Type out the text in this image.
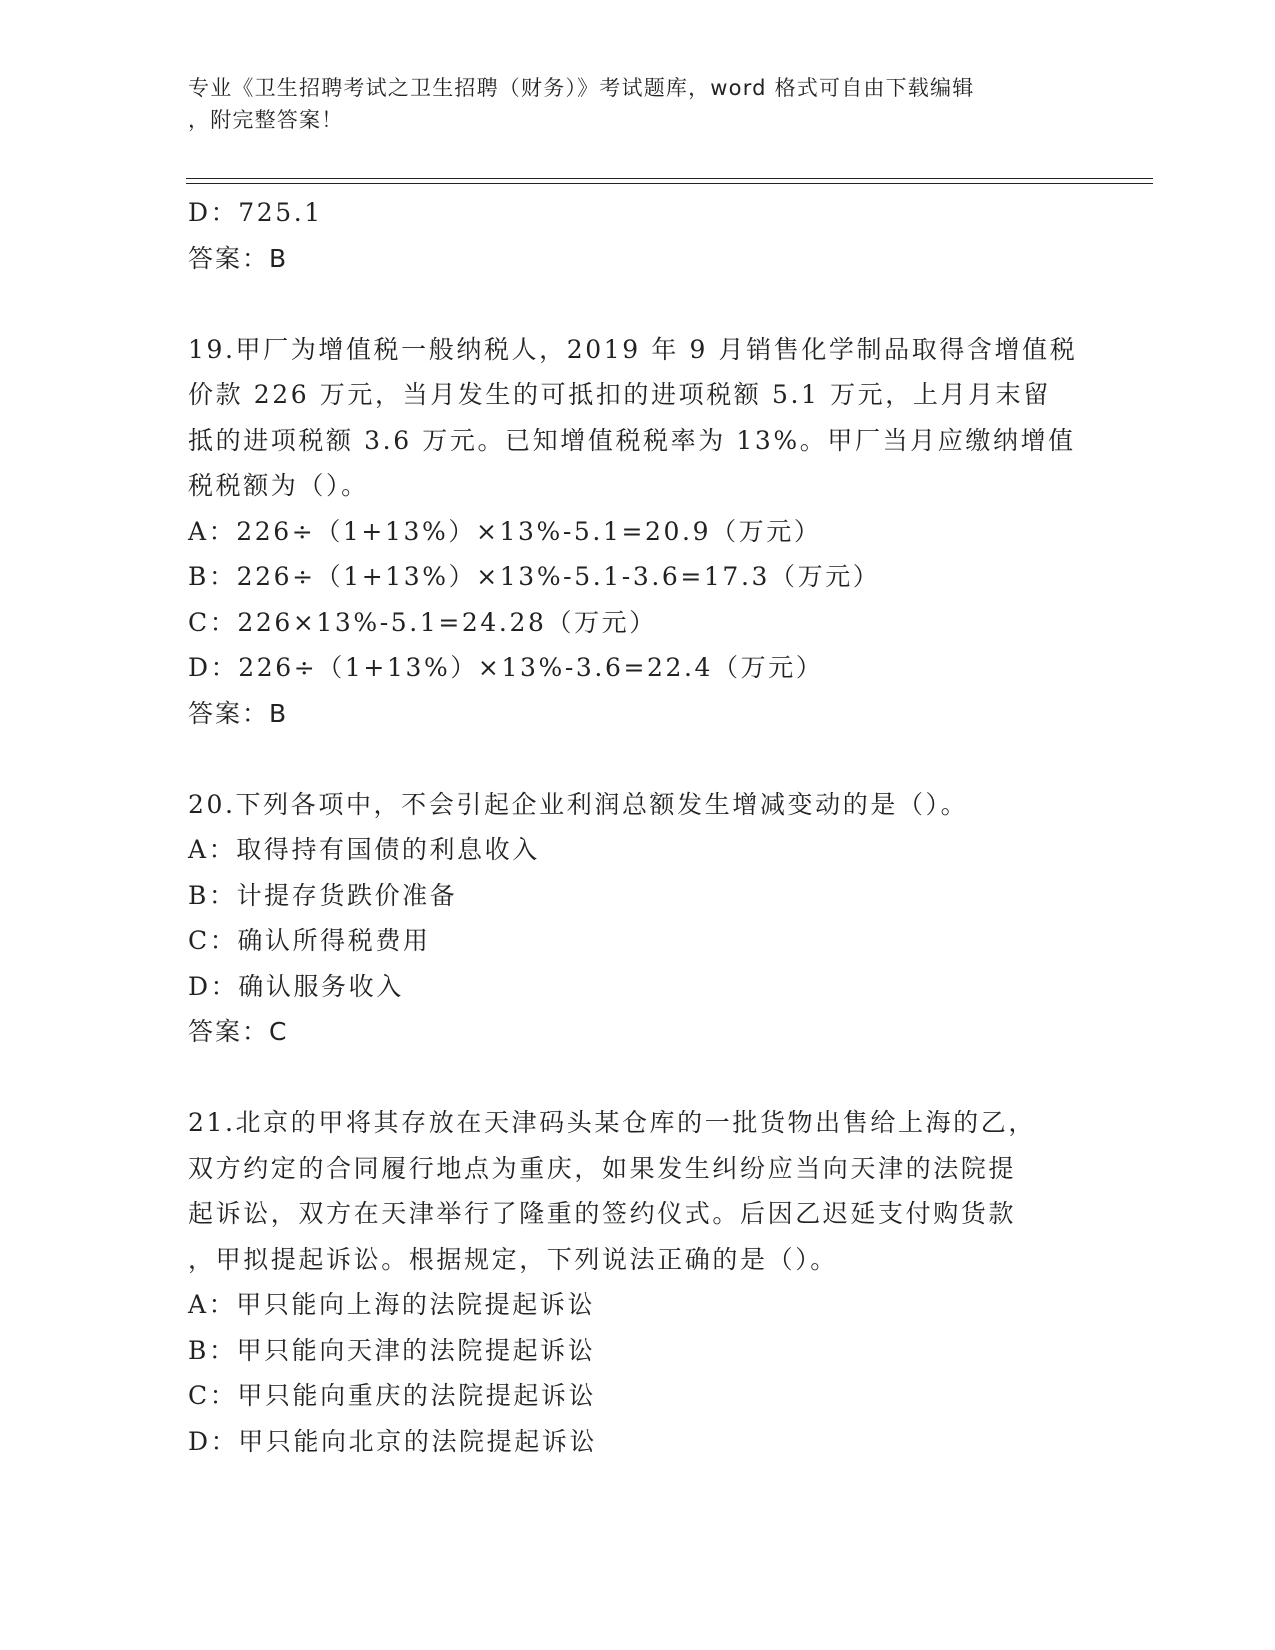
专业《卫生招聘考试之卫生招聘（财务）》考试题库，word 格式可自由下载编辑
，附完整答案！
D：725.1
答案：B
19.甲厂为增值税一般纳税人，2019 年 9 月销售化学制品取得含增值税
价款 226 万元，当月发生的可抵扣的进项税额 5.1 万元，上月月末留
抵的进项税额 3.6 万元。已知增值税税率为 13%。甲厂当月应缴纳增值
税税额为（）。
A：226÷（1+13%）×13%-5.1=20.9（万元）
B：226÷（1+13%）×13%-5.1-3.6=17.3（万元）
C：226×13%-5.1=24.28（万元）
D：226÷（1+13%）×13%-3.6=22.4（万元）
答案：B
20.下列各项中，不会引起企业利润总额发生增减变动的是（）。
A：取得持有国债的利息收入
B：计提存货跌价准备
C：确认所得税费用
D：确认服务收入
答案：C
21.北京的甲将其存放在天津码头某仓库的一批货物出售给上海的乙，
双方约定的合同履行地点为重庆，如果发生纠纷应当向天津的法院提
起诉讼，双方在天津举行了隆重的签约仪式。后因乙迟延支付购货款
，甲拟提起诉讼。根据规定，下列说法正确的是（）。
A：甲只能向上海的法院提起诉讼
B：甲只能向天津的法院提起诉讼
C：甲只能向重庆的法院提起诉讼
D：甲只能向北京的法院提起诉讼
